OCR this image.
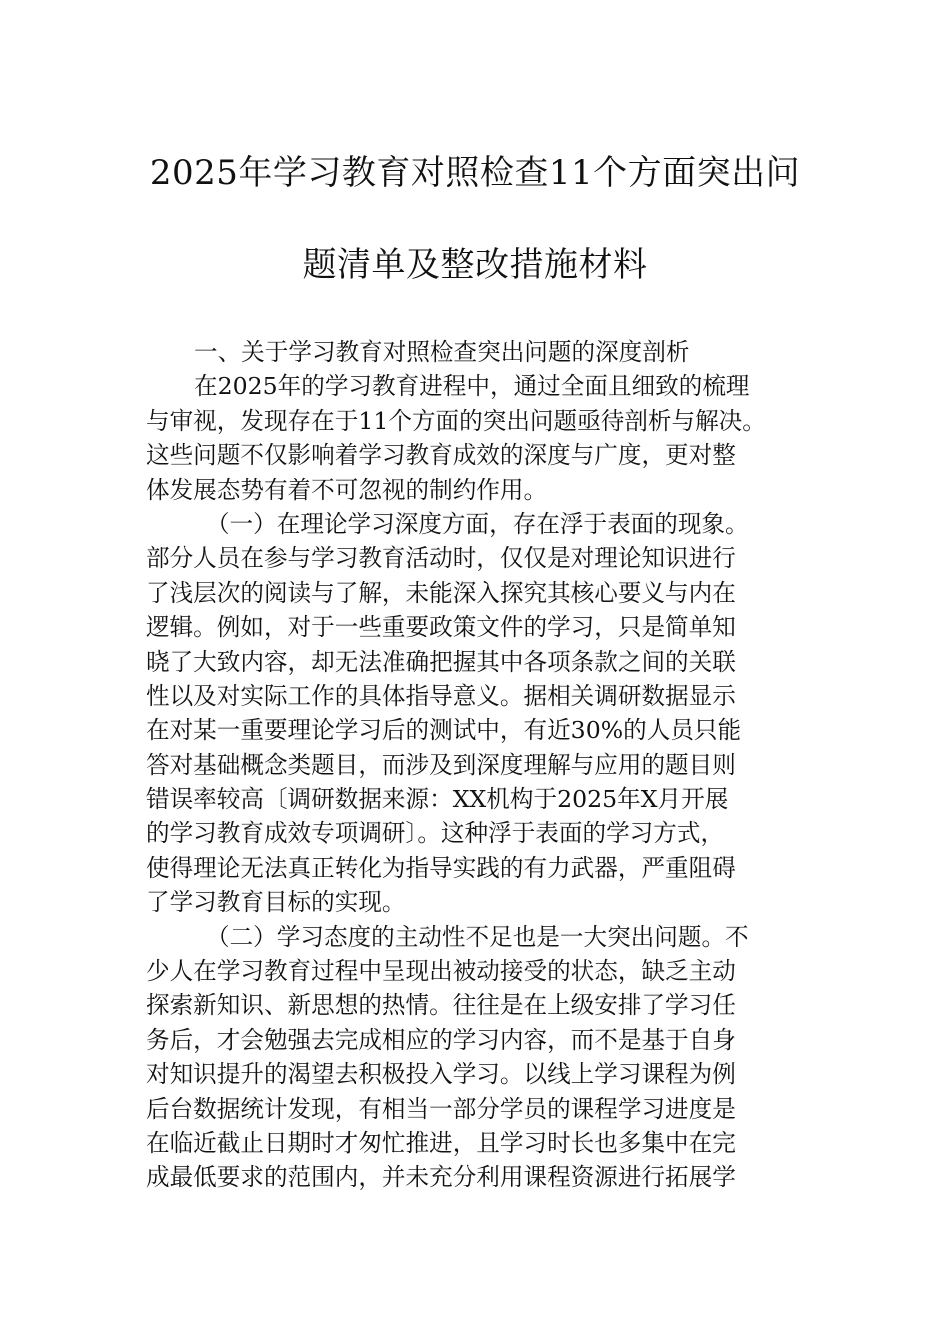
2025年学习教育对照检查11个方面突出问
题清单及整改措施材料
一、关于学习教育对照检查突出问题的深度剖析
在2025年的学习教育进程中，通过全面且细致的梳理
与审视，发现存在于11个方面的突出问题亟待剖析与解决。
这些问题不仅影响着学习教育成效的深度与广度，更对整
体发展态势有着不可忽视的制约作用。
（一）在理论学习深度方面，存在浮于表面的现象。
部分人员在参与学习教育活动时，仅仅是对理论知识进行
了浅层次的阅读与了解，未能深入探究其核心要义与内在
逻辑。例如，对于一些重要政策文件的学习，只是简单知
晓了大致内容，却无法准确把握其中各项条款之间的关联
性以及对实际工作的具体指导意义。据相关调研数据显示
在对某一重要理论学习后的测试中，有近30%的人员只能
答对基础概念类题目，而涉及到深度理解与应用的题目则
错误率较高〔调研数据来源：XX机构于2025年X月开展
的学习教育成效专项调研〕。这种浮于表面的学习方式，
使得理论无法真正转化为指导实践的有力武器，严重阻碍
了学习教育目标的实现。
（二）学习态度的主动性不足也是一大突出问题。不
少人在学习教育过程中呈现出被动接受的状态，缺乏主动
探索新知识、新思想的热情。往往是在上级安排了学习任
务后，才会勉强去完成相应的学习内容，而不是基于自身
对知识提升的渴望去积极投入学习。以线上学习课程为例
后台数据统计发现，有相当一部分学员的课程学习进度是
在临近截止日期时才匆忙推进，且学习时长也多集中在完
成最低要求的范围内，并未充分利用课程资源进行拓展学
